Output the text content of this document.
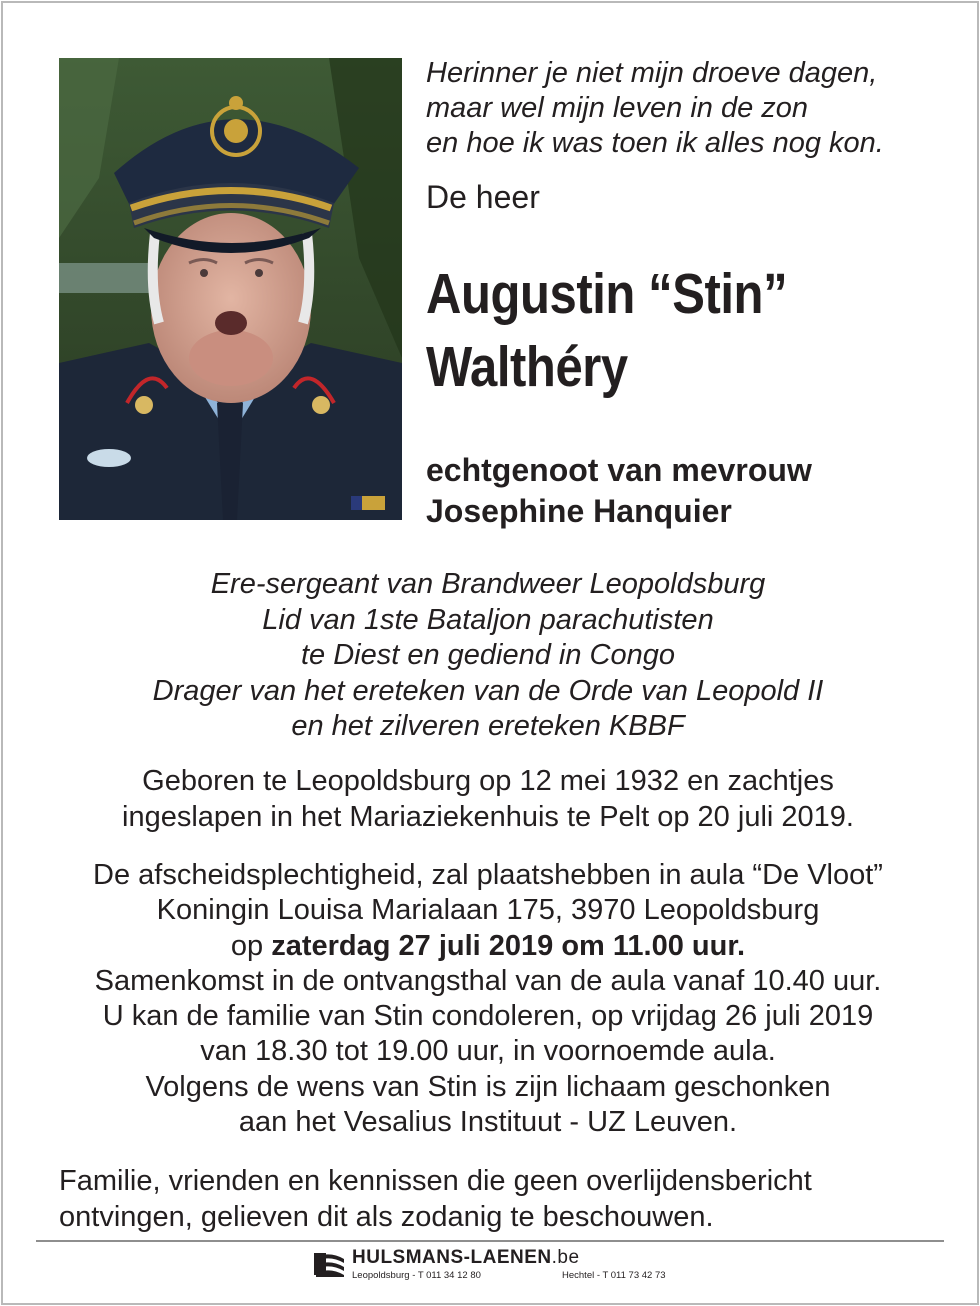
Herinner je niet mijn droeve dagen,
maar wel mijn leven in de zon
en hoe ik was toen ik alles nog kon.
De heer
Augustin “Stin”
Walthéry
echtgenoot van mevrouw
Josephine Hanquier
Ere-sergeant van Brandweer Leopoldsburg
Lid van 1ste Bataljon parachutisten
te Diest en gediend in Congo
Drager van het ereteken van de Orde van Leopold II
en het zilveren ereteken KBBF
Geboren te Leopoldsburg op 12 mei 1932 en zachtjes
ingeslapen in het Mariaziekenhuis te Pelt op 20 juli 2019.
De afscheidsplechtigheid, zal plaatshebben in aula “De Vloot”
Koningin Louisa Marialaan 175, 3970 Leopoldsburg
op zaterdag 27 juli 2019 om 11.00 uur.
Samenkomst in de ontvangsthal van de aula vanaf 10.40 uur.
U kan de familie van Stin condoleren, op vrijdag 26 juli 2019
van 18.30 tot 19.00 uur, in voornoemde aula.
Volgens de wens van Stin is zijn lichaam geschonken
aan het Vesalius Instituut - UZ Leuven.
Familie, vrienden en kennissen die geen overlijdensbericht
ontvingen, gelieven dit als zodanig te beschouwen.
HULSMANS-LAENEN.be
Leopoldsburg - T 011 34 12 80	Hechtel - T 011 73 42 73
